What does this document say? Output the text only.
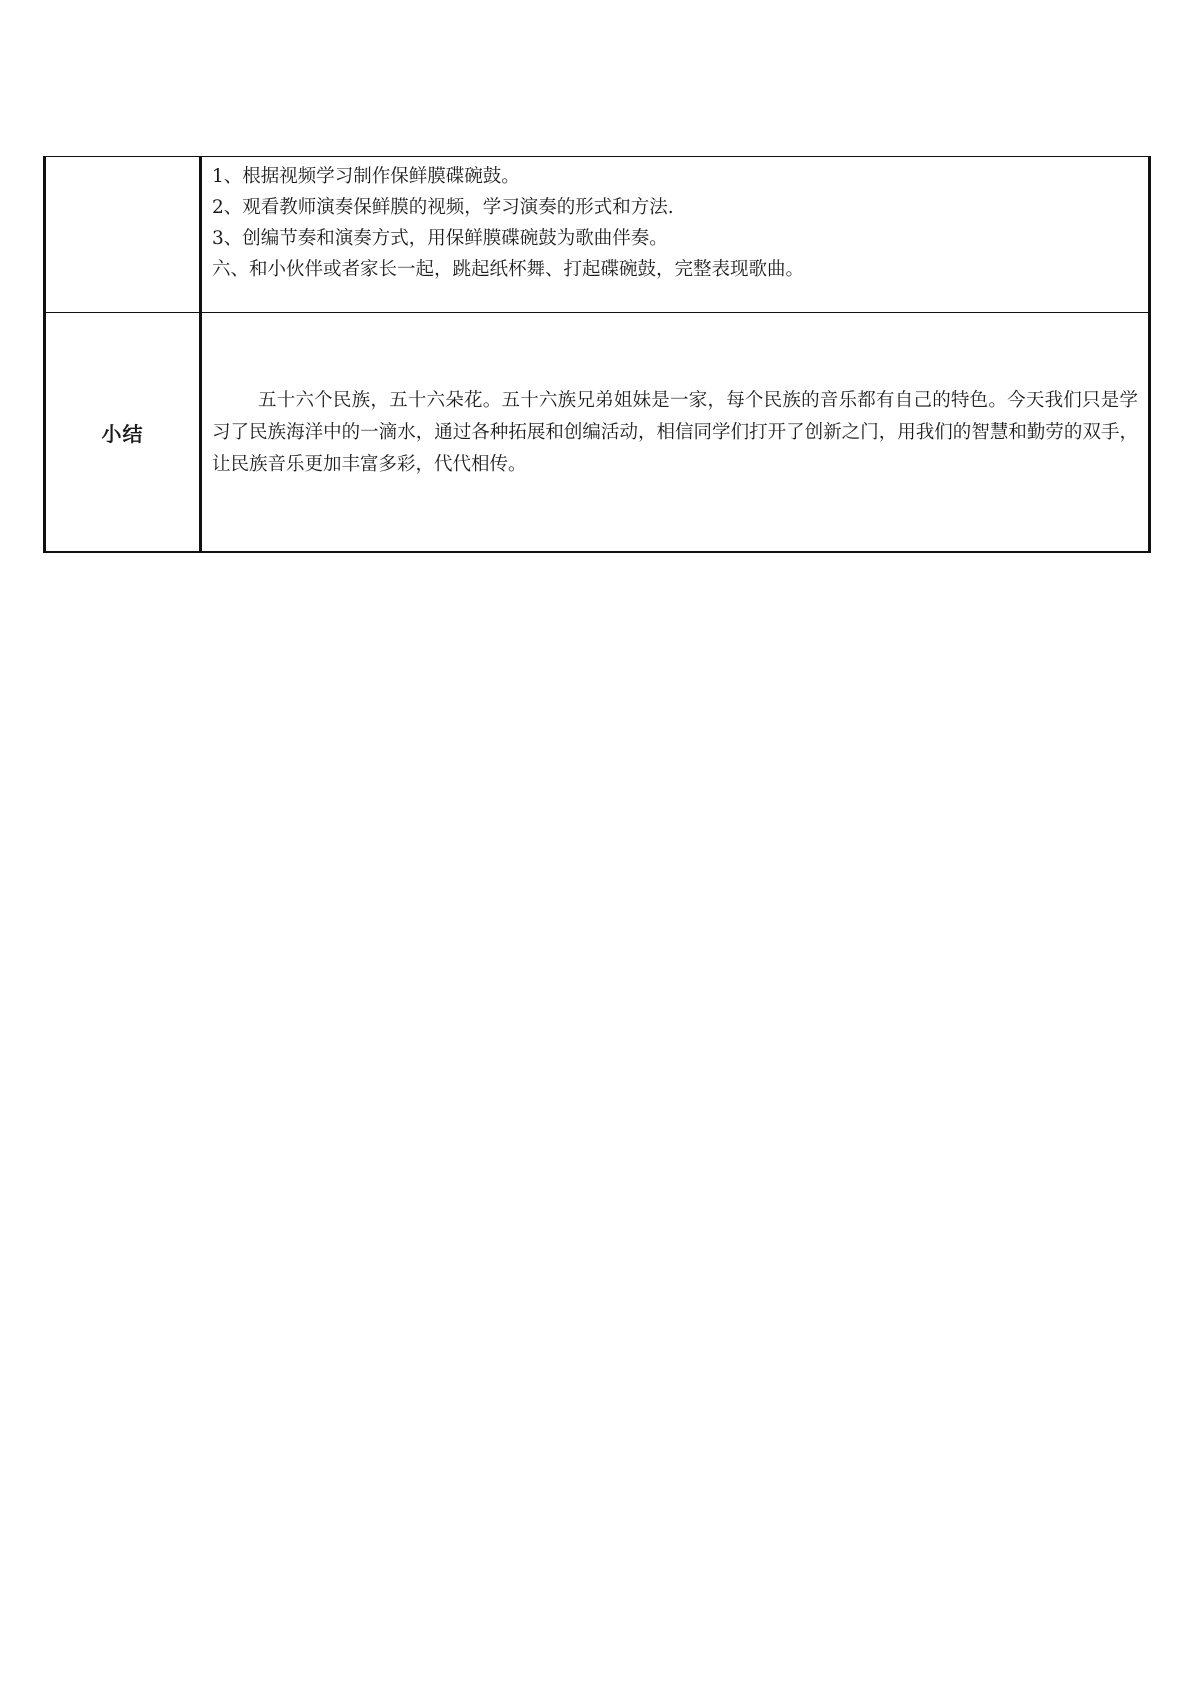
	1、根据视频学习制作保鲜膜碟碗鼓。
2、观看教师演奏保鲜膜的视频，学习演奏的形式和方法.
3、创编节奏和演奏方式，用保鲜膜碟碗鼓为歌曲伴奏。
六、和小伙伴或者家长一起，跳起纸杯舞、打起碟碗鼓，完整表现歌曲。

小结	五十六个民族，五十六朵花。五十六族兄弟姐妹是一家，每个民族的音乐都有自己的特色。今天我们只是学习了民族海洋中的一滴水，通过各种拓展和创编活动，相信同学们打开了创新之门，用我们的智慧和勤劳的双手，让民族音乐更加丰富多彩，代代相传。
